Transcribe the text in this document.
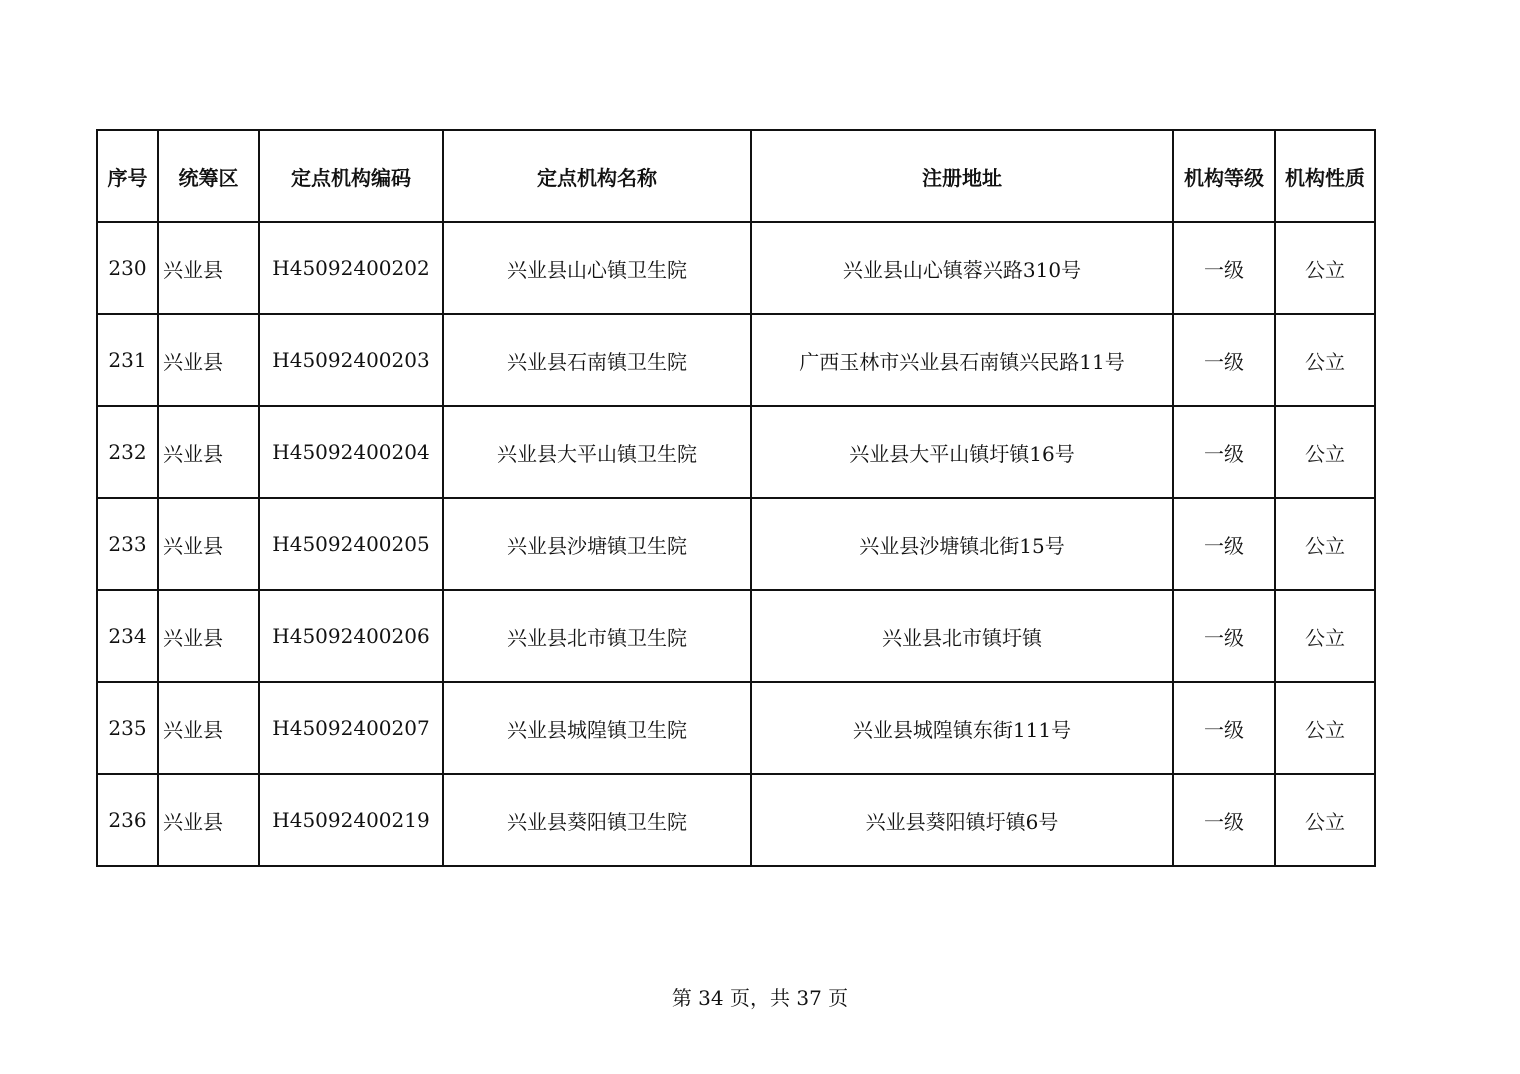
序号	统筹区	定点机构编码	定点机构名称	注册地址	机构等级	机构性质
230	兴业县	H45092400202	兴业县山心镇卫生院	兴业县山心镇蓉兴路310号	一级	公立
231	兴业县	H45092400203	兴业县石南镇卫生院	广西玉林市兴业县石南镇兴民路11号	一级	公立
232	兴业县	H45092400204	兴业县大平山镇卫生院	兴业县大平山镇圩镇16号	一级	公立
233	兴业县	H45092400205	兴业县沙塘镇卫生院	兴业县沙塘镇北街15号	一级	公立
234	兴业县	H45092400206	兴业县北市镇卫生院	兴业县北市镇圩镇	一级	公立
235	兴业县	H45092400207	兴业县城隍镇卫生院	兴业县城隍镇东街111号	一级	公立
236	兴业县	H45092400219	兴业县葵阳镇卫生院	兴业县葵阳镇圩镇6号	一级	公立
第 34 页，共 37 页
